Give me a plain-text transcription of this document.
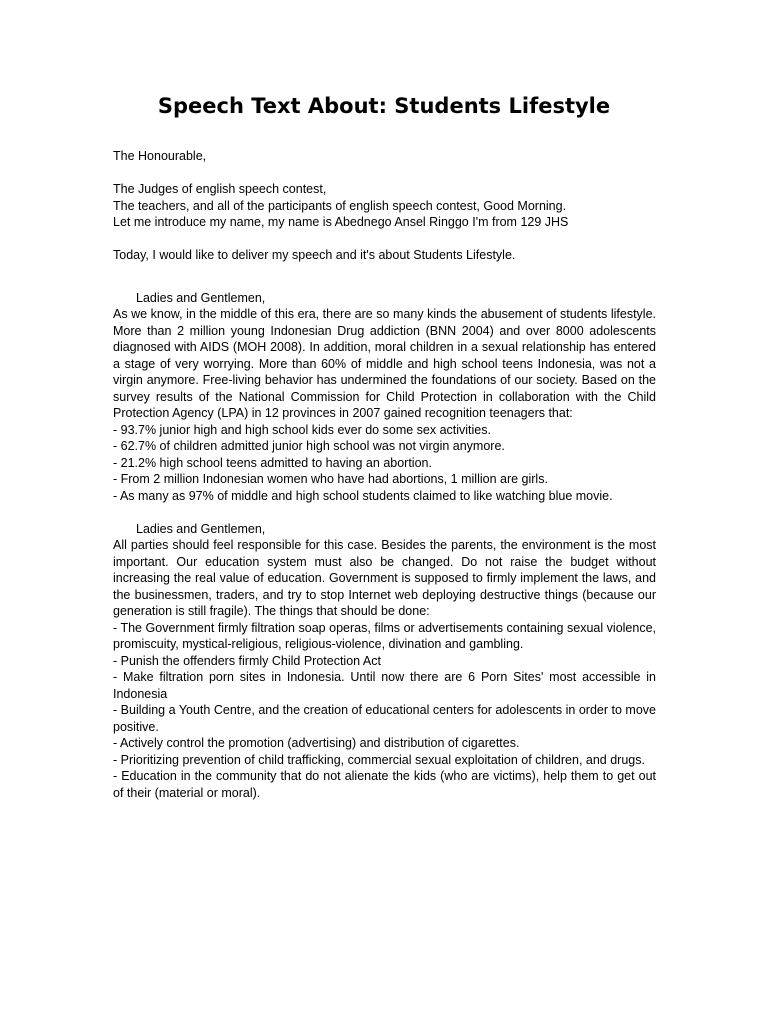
Speech Text About: Students Lifestyle
The Honourable,
The Judges of english speech contest,
The teachers, and all of the participants of english speech contest, Good Morning.
Let me introduce my name, my name is Abednego Ansel Ringgo I'm from 129 JHS
Today, I would like to deliver my speech and it's about Students Lifestyle.
Ladies and Gentlemen,

As we know, in the middle of this era, there are so many kinds the abusement of students lifestyle. More than 2 million young Indonesian Drug addiction (BNN 2004) and over 8000 adolescents diagnosed with AIDS (MOH 2008). In addition, moral children in a sexual relationship has entered a stage of very worrying. More than 60% of middle and high school teens Indonesia, was not a virgin anymore. Free-living behavior has undermined the foundations of our society. Based on the survey results of the National Commission for Child Protection in collaboration with the Child Protection Agency (LPA) in 12 provinces in 2007 gained recognition teenagers that:

- 93.7% junior high and high school kids ever do some sex activities.

- 62.7% of children admitted junior high school was not virgin anymore.

- 21.2% high school teens admitted to having an abortion.

- From 2 million Indonesian women who have had abortions, 1 million are girls.

- As many as 97% of middle and high school students claimed to like watching blue movie.

Ladies and Gentlemen,

All parties should feel responsible for this case. Besides the parents, the environment is the most important. Our education system must also be changed. Do not raise the budget without increasing the real value of education. Government is supposed to firmly implement the laws, and the businessmen, traders, and try to stop Internet web deploying destructive things (because our generation is still fragile). The things that should be done:

- The Government firmly filtration soap operas, films or advertisements containing sexual violence, promiscuity, mystical-religious, religious-violence, divination and gambling.

- Punish the offenders firmly Child Protection Act

- Make filtration porn sites in Indonesia. Until now there are 6 Porn Sites' most accessible in Indonesia

- Building a Youth Centre, and the creation of educational centers for adolescents in order to move positive.

- Actively control the promotion (advertising) and distribution of cigarettes.

- Prioritizing prevention of child trafficking, commercial sexual exploitation of children, and drugs.

- Education in the community that do not alienate the kids (who are victims), help them to get out of their (material or moral).
